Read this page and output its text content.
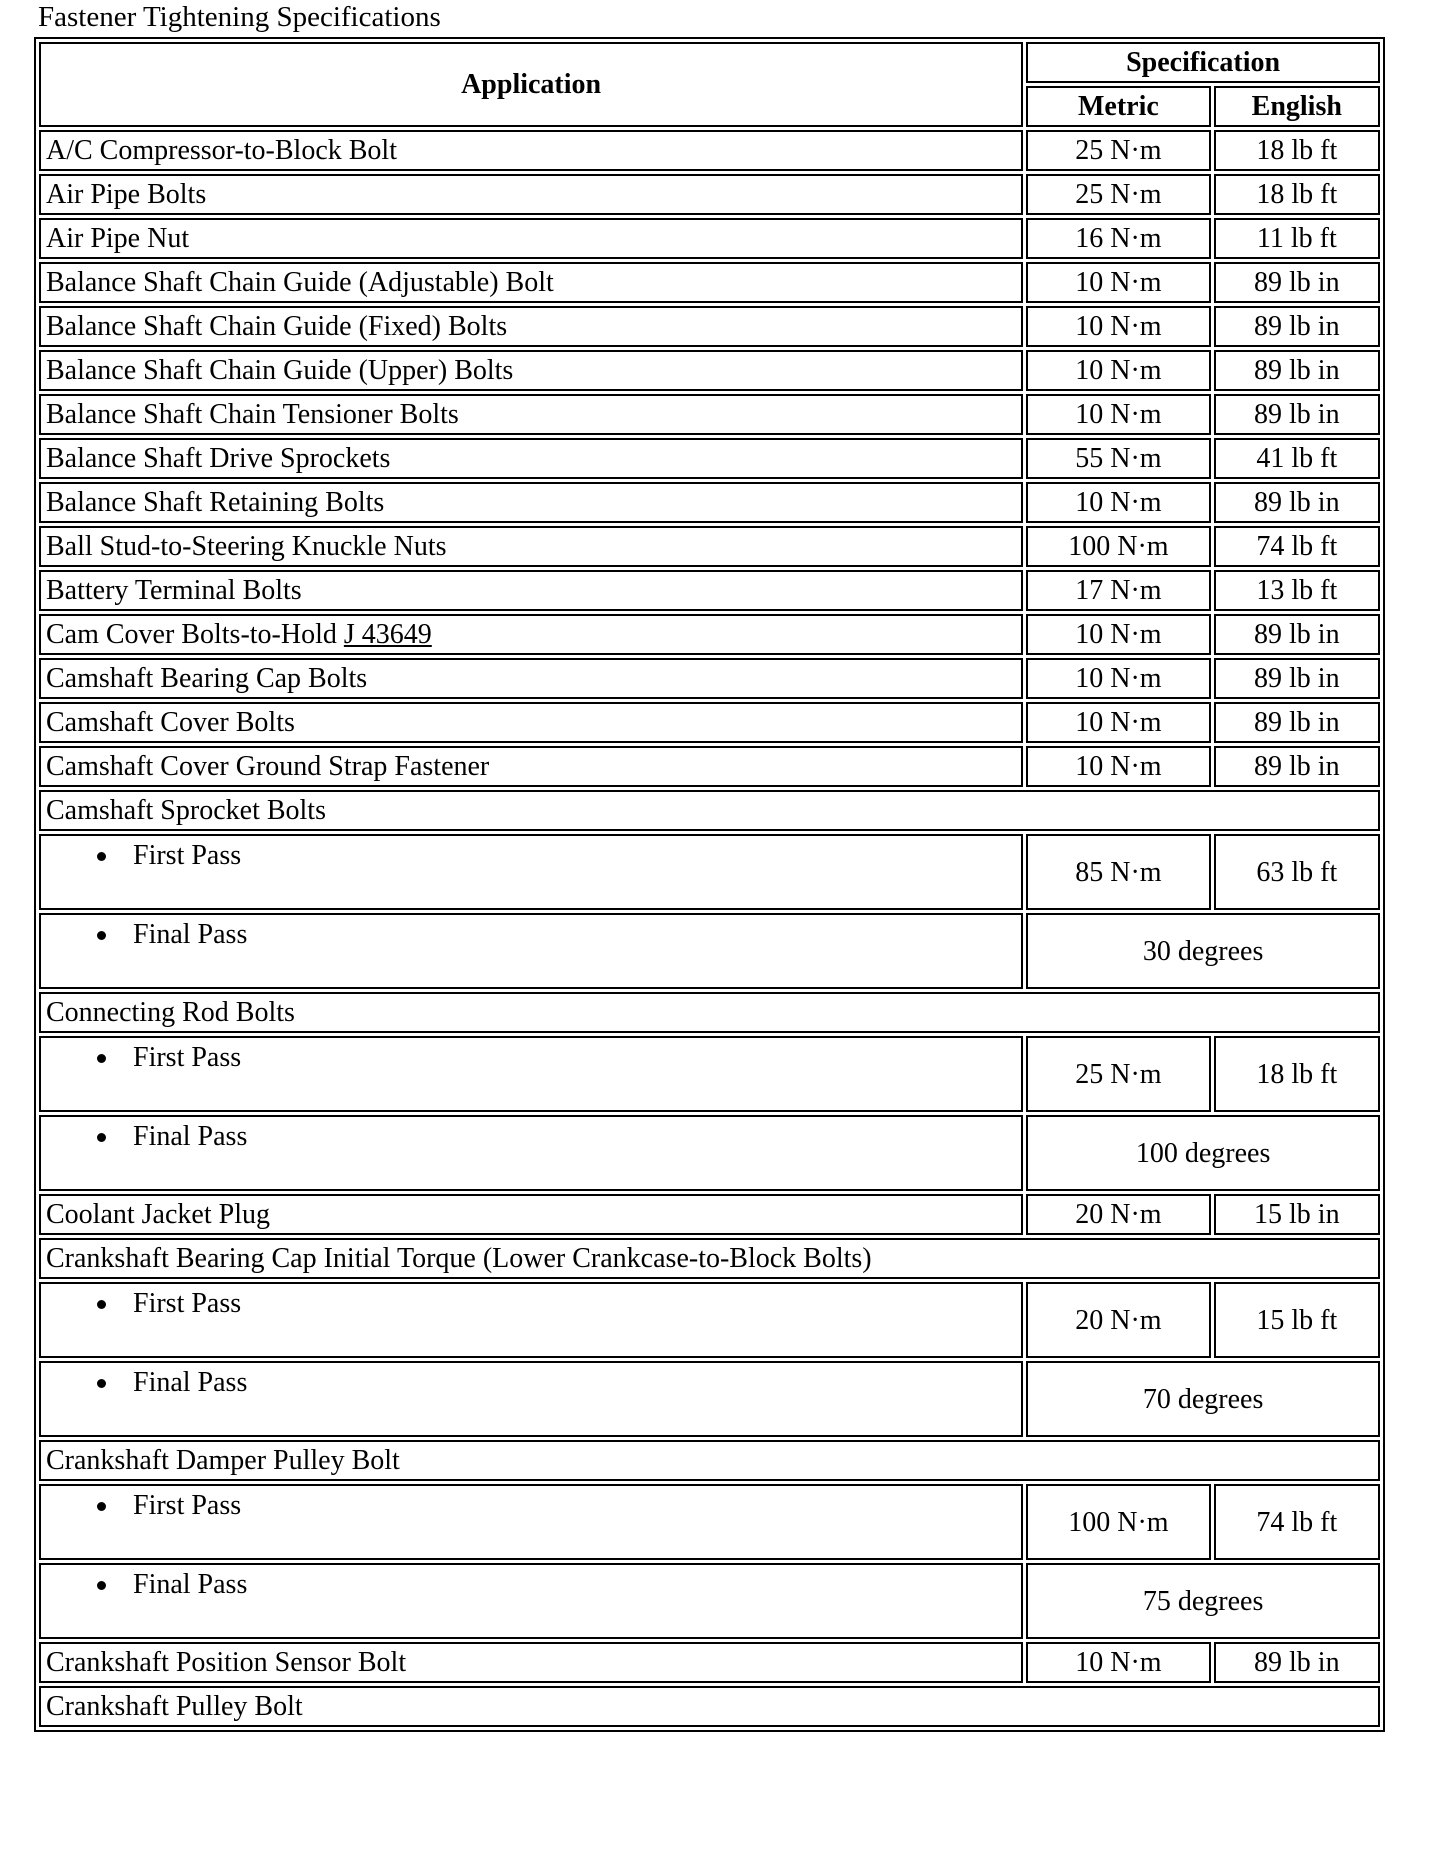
Fastener Tightening Specifications
Application	Specification	
	Metric	English
A/C Compressor-to-Block Bolt	25 N·m	18 lb ft
Air Pipe Bolts	25 N·m	18 lb ft
Air Pipe Nut	16 N·m	11 lb ft
Balance Shaft Chain Guide (Adjustable) Bolt	10 N·m	89 lb in
Balance Shaft Chain Guide (Fixed) Bolts	10 N·m	89 lb in
Balance Shaft Chain Guide (Upper) Bolts	10 N·m	89 lb in
Balance Shaft Chain Tensioner Bolts	10 N·m	89 lb in
Balance Shaft Drive Sprockets	55 N·m	41 lb ft
Balance Shaft Retaining Bolts	10 N·m	89 lb in
Ball Stud-to-Steering Knuckle Nuts	100 N·m	74 lb ft
Battery Terminal Bolts	17 N·m	13 lb ft
Cam Cover Bolts-to-Hold J 43649	10 N·m	89 lb in
Camshaft Bearing Cap Bolts	10 N·m	89 lb in
Camshaft Cover Bolts	10 N·m	89 lb in
Camshaft Cover Ground Strap Fastener	10 N·m	89 lb in
Camshaft Sprocket Bolts		

First Pass	85 N·m	63 lb ft

Final Pass	30 degrees	
Connecting Rod Bolts		

First Pass	25 N·m	18 lb ft

Final Pass	100 degrees	
Coolant Jacket Plug	20 N·m	15 lb in
Crankshaft Bearing Cap Initial Torque (Lower Crankcase-to-Block Bolts)		

First Pass	20 N·m	15 lb ft

Final Pass	70 degrees	
Crankshaft Damper Pulley Bolt		

First Pass	100 N·m	74 lb ft

Final Pass	75 degrees	
Crankshaft Position Sensor Bolt	10 N·m	89 lb in
Crankshaft Pulley Bolt		
